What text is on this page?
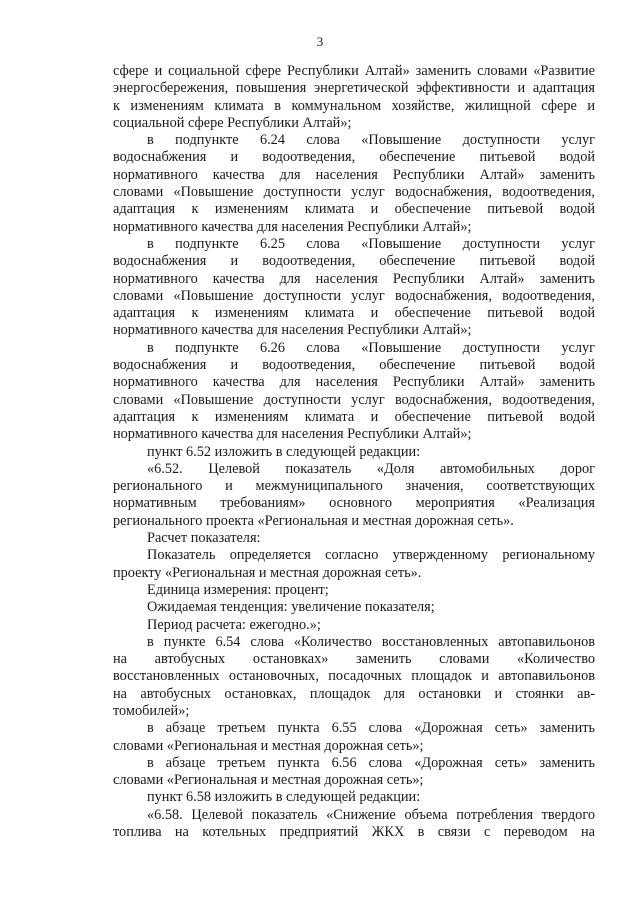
3
сфере и социальной сфере Республики Алтай» заменить словами «Развитие
энергосбережения, повышения энергетической эффективности и адаптация
к изменениям климата в коммунальном хозяйстве, жилищной сфере и
социальной сфере Республики Алтай»;
в подпункте 6.24 слова «Повышение доступности услуг
водоснабжения и водоотведения, обеспечение питьевой водой
нормативного качества для населения Республики Алтай» заменить
словами «Повышение доступности услуг водоснабжения, водоотведения,
адаптация к изменениям климата и обеспечение питьевой водой
нормативного качества для населения Республики Алтай»;
в подпункте 6.25 слова «Повышение доступности услуг
водоснабжения и водоотведения, обеспечение питьевой водой
нормативного качества для населения Республики Алтай» заменить
словами «Повышение доступности услуг водоснабжения, водоотведения,
адаптация к изменениям климата и обеспечение питьевой водой
нормативного качества для населения Республики Алтай»;
в подпункте 6.26 слова «Повышение доступности услуг
водоснабжения и водоотведения, обеспечение питьевой водой
нормативного качества для населения Республики Алтай» заменить
словами «Повышение доступности услуг водоснабжения, водоотведения,
адаптация к изменениям климата и обеспечение питьевой водой
нормативного качества для населения Республики Алтай»;
пункт 6.52 изложить в следующей редакции:
«6.52. Целевой показатель «Доля автомобильных дорог
регионального и межмуниципального значения, соответствующих
нормативным требованиям» основного мероприятия «Реализация
регионального проекта «Региональная и местная дорожная сеть».
Расчет показателя:
Показатель определяется согласно утвержденному региональному
проекту «Региональная и местная дорожная сеть».
Единица измерения: процент;
Ожидаемая тенденция: увеличение показателя;
Период расчета: ежегодно.»;
в пункте 6.54 слова «Количество восстановленных автопавильонов
на автобусных остановках» заменить словами «Количество
восстановленных остановочных, посадочных площадок и автопавильонов
на автобусных остановках, площадок для остановки и стоянки ав-
томобилей»;
в абзаце третьем пункта 6.55 слова «Дорожная сеть» заменить
словами «Региональная и местная дорожная сеть»;
в абзаце третьем пункта 6.56 слова «Дорожная сеть» заменить
словами «Региональная и местная дорожная сеть»;
пункт 6.58 изложить в следующей редакции:
«6.58. Целевой показатель «Снижение объема потребления твердого
топлива на котельных предприятий ЖКХ в связи с переводом на
